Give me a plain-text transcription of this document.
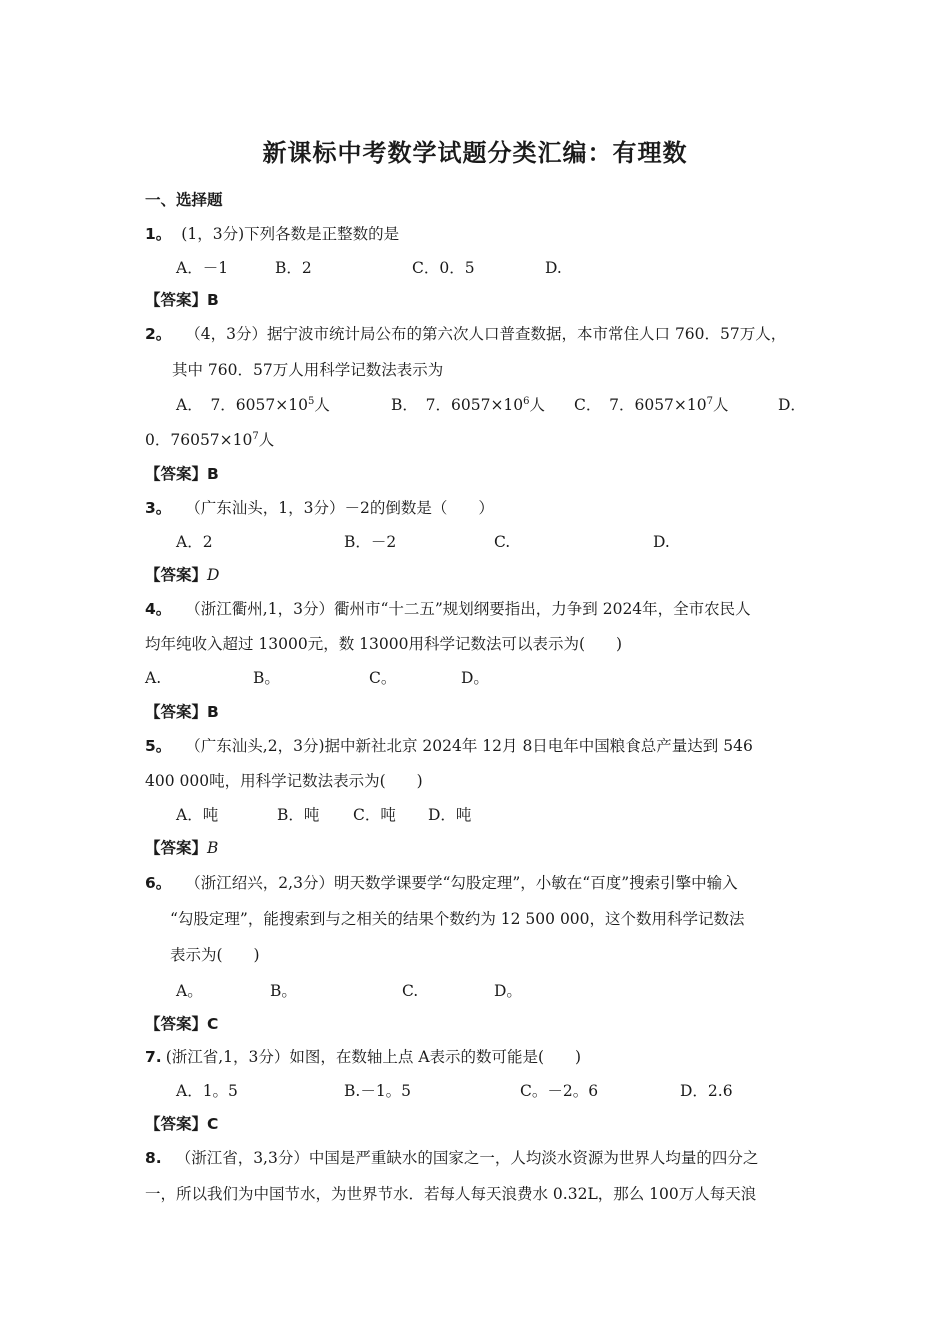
新课标中考数学试题分类汇编：有理数
一、选择题
1。 (1，3分)下列各数是正整数的是
A．－1	B．2	C．0．5	D.
【答案】B
2。 （4，3分）据宁波市统计局公布的第六次人口普查数据，本市常住人口 760．57万人，
其中 760．57万人用科学记数法表示为
A．　7．$6057\times 10^5$人	B．　7．$6057\times 10^6$人 C．　7．$6057\times 10^7$人	D．
0．$76057\times 10^7$人
【答案】B
3。 （广东汕头，1，3分）－2的倒数是（　　）
A．2	B．－2	C.	D.
【答案】D
4。 （浙江衢州,1，3分）衢州市“十二五”规划纲要指出，力争到 2024年，全市农民人
均年纯收入超过 13000元，数 13000用科学记数法可以表示为(　　)
A.	B。	C。	D。
【答案】B
5。 （广东汕头,2，3分)据中新社北京 2024年 12月 8日电年中国粮食总产量达到 546
400 000吨，用科学记数法表示为(　　)
A．吨	B．吨 C．吨 D．吨
【答案】B
6。 （浙江绍兴，2,3分）明天数学课要学“勾股定理”，小敏在“百度”搜索引擎中输入
“勾股定理”，能搜索到与之相关的结果个数约为 12 500 000，这个数用科学记数法
表示为(　　)
A。	B。	C.	D。
【答案】C
7. (浙江省,1，3分）如图，在数轴上点 A表示的数可能是(　　)
A．1。5	B.－1。5	C。－2。6	D．2.6
【答案】C
8. （浙江省，3,3分）中国是严重缺水的国家之一，人均淡水资源为世界人均量的四分之
一，所以我们为中国节水，为世界节水．若每人每天浪费水 0.32L，那么 100万人每天浪
